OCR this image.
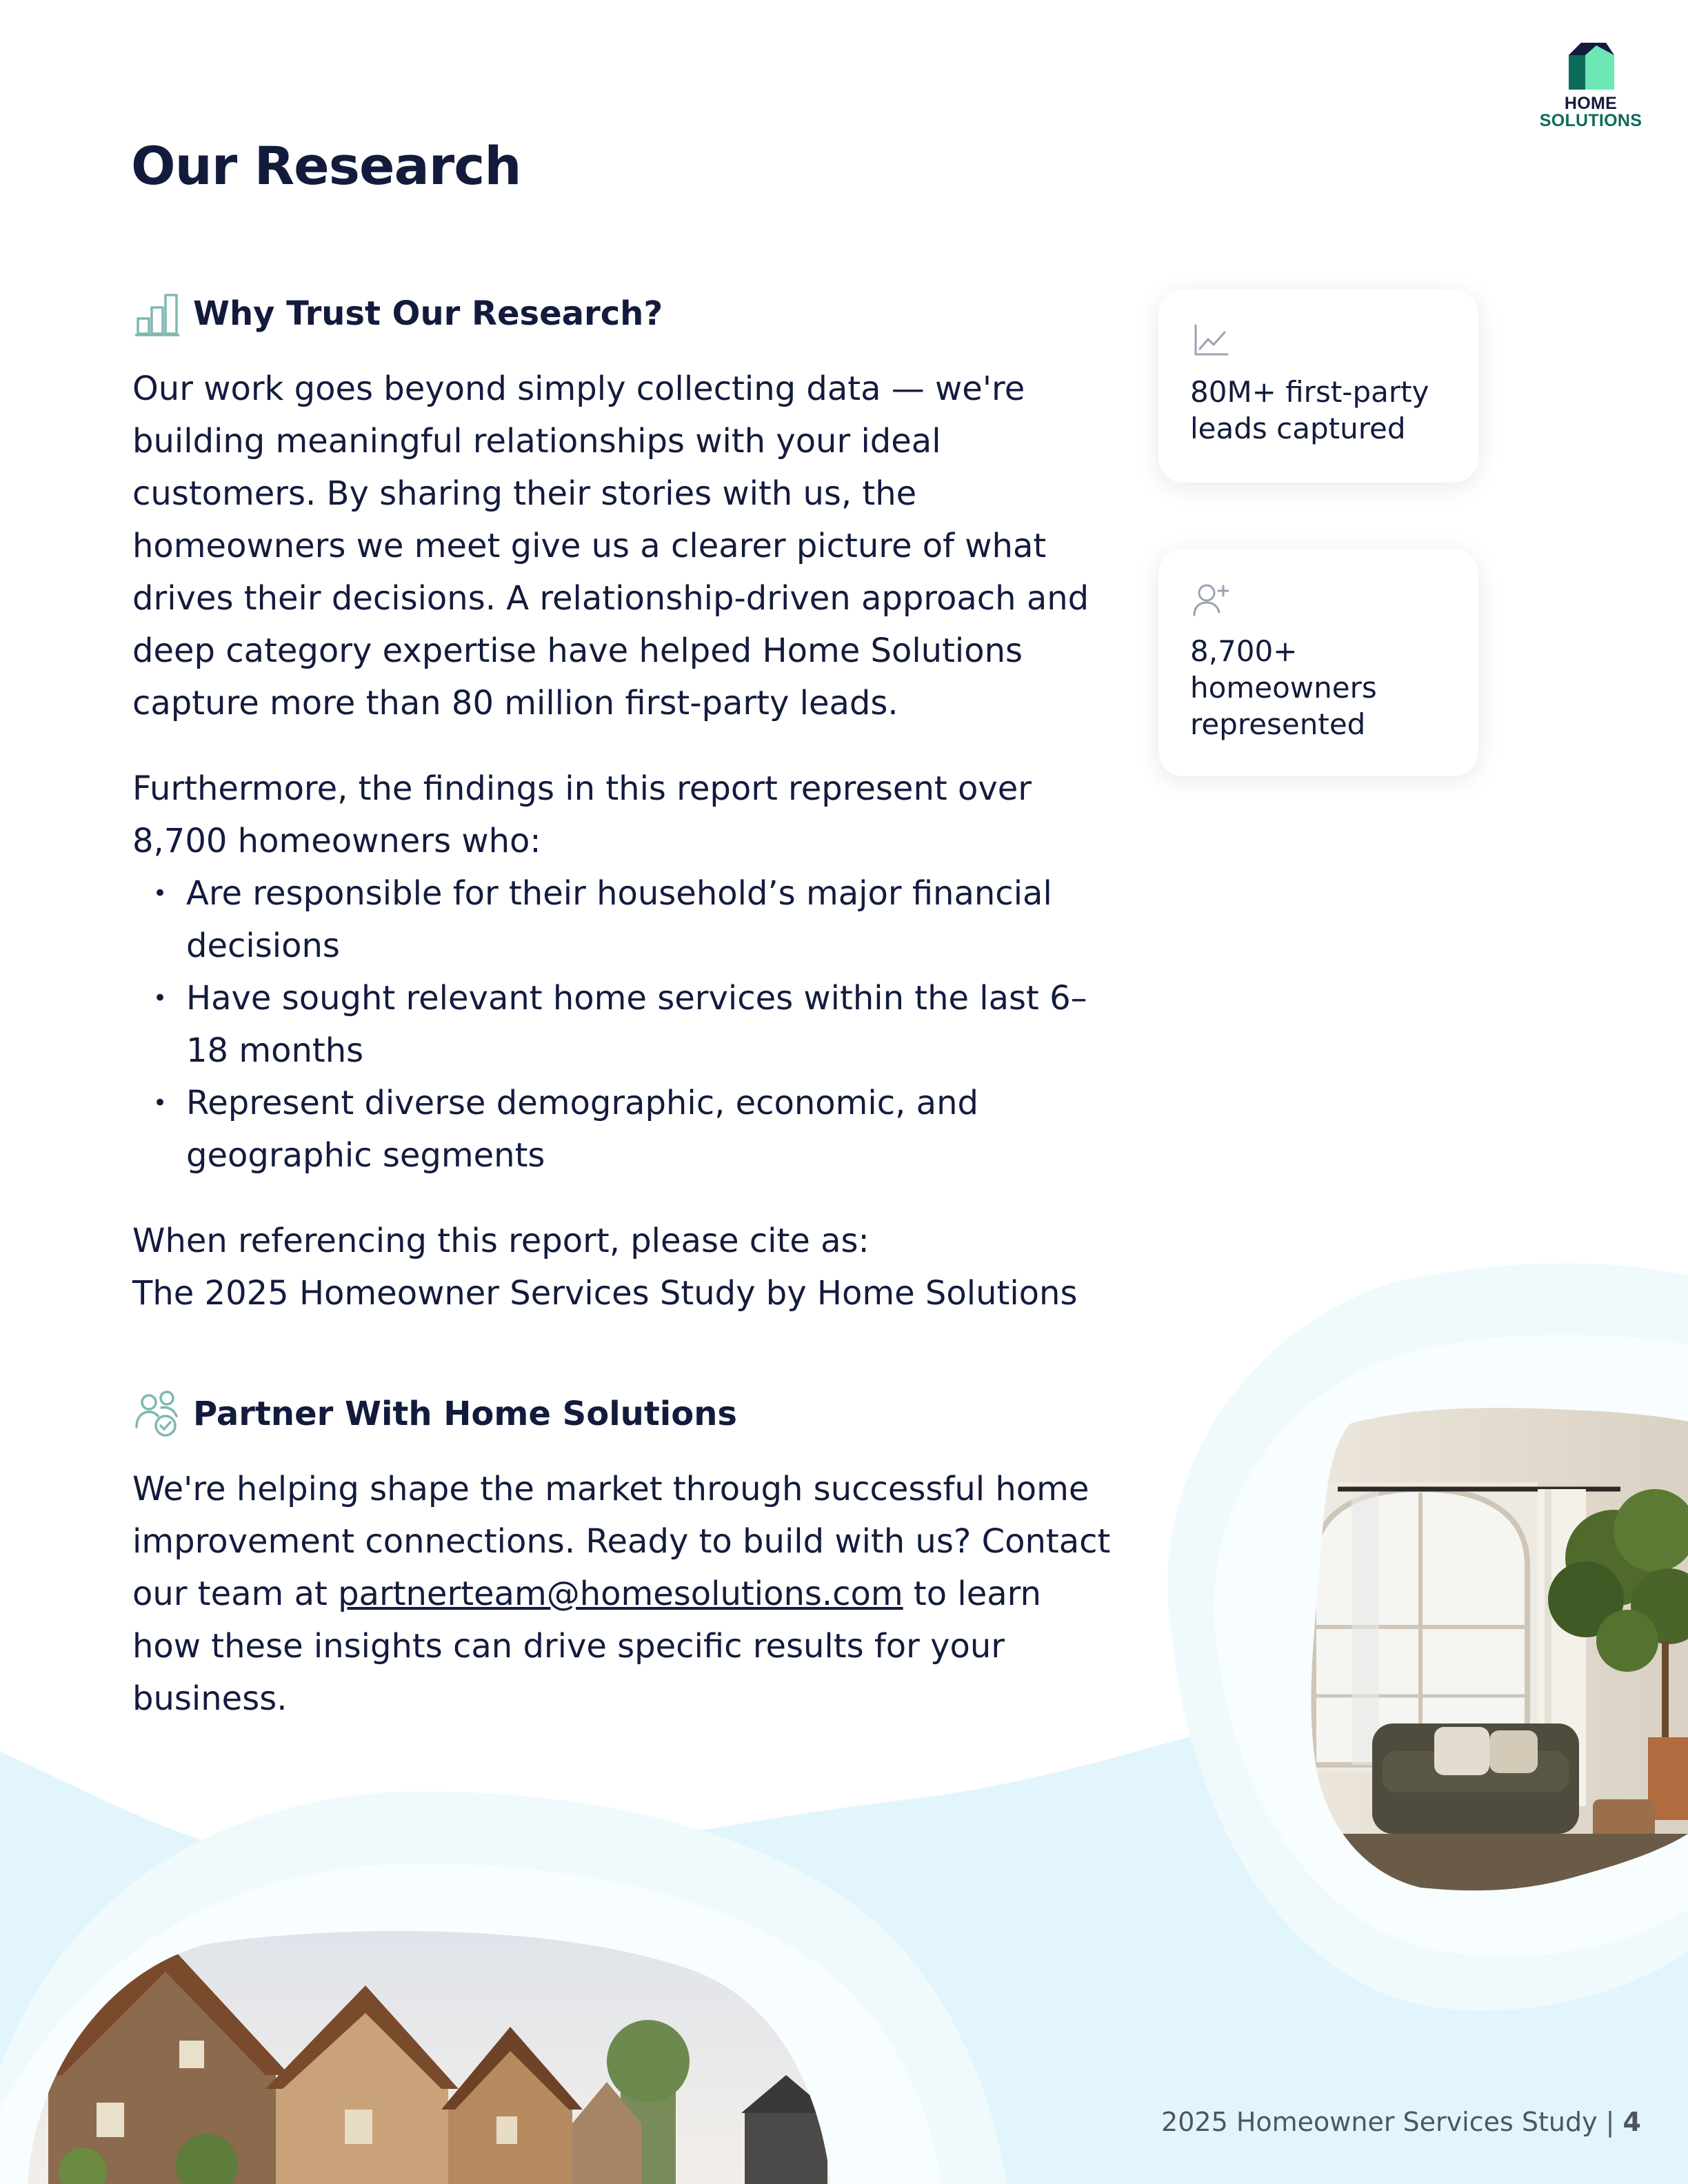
HOME
SOLUTIONS
Our Research
Why Trust Our Research?

Our work goes beyond simply collecting data — we're building meaningful relationships with your ideal customers. By sharing their stories with us, the homeowners we meet give us a clearer picture of what drives their decisions. A relationship-driven approach and deep category expertise have helped Home Solutions capture more than 80 million first-party leads.

Furthermore, the findings in this report represent over 8,700 homeowners who:

• Are responsible for their household’s major financial decisions
• Have sought relevant home services within the last 6–18 months
• Represent diverse demographic, economic, and geographic segments

When referencing this report, please cite as:

The 2025 Homeowner Services Study by Home Solutions

Partner With Home Solutions

We're helping shape the market through successful home improvement connections. Ready to build with us? Contact our team at partnerteam@homesolutions.com to learn how these insights can drive specific results for your business.

80M+ first-party leads captured
8,700+ homeowners represented
2025 Homeowner Services Study | 4
